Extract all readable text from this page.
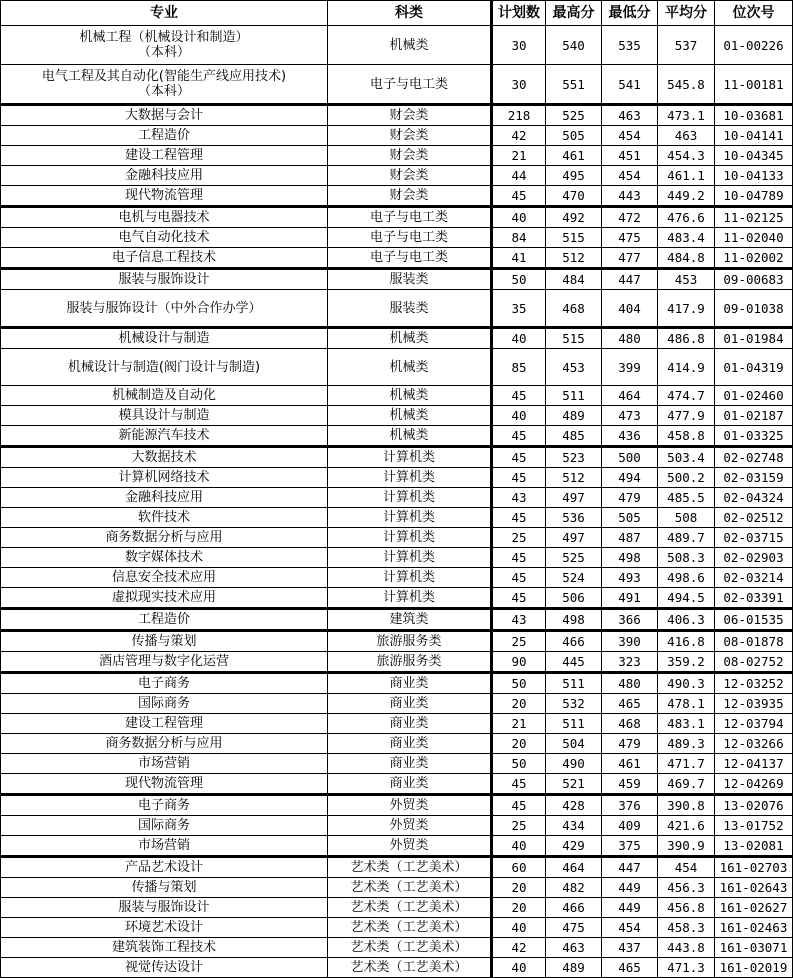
专业	科类	计划数	最高分	最低分	平均分	位次号
机械工程（机械设计和制造）
（本科）	机械类	30	540	535	537	01-00226
电气工程及其自动化(智能生产线应用技术)
（本科）	电子与电工类	30	551	541	545.8	11-00181
大数据与会计	财会类	218	525	463	473.1	10-03681
工程造价	财会类	42	505	454	463	10-04141
建设工程管理	财会类	21	461	451	454.3	10-04345
金融科技应用	财会类	44	495	454	461.1	10-04133
现代物流管理	财会类	45	470	443	449.2	10-04789
电机与电器技术	电子与电工类	40	492	472	476.6	11-02125
电气自动化技术	电子与电工类	84	515	475	483.4	11-02040
电子信息工程技术	电子与电工类	41	512	477	484.8	11-02002
服装与服饰设计	服装类	50	484	447	453	09-00683
服装与服饰设计（中外合作办学）	服装类	35	468	404	417.9	09-01038
机械设计与制造	机械类	40	515	480	486.8	01-01984
机械设计与制造(阀门设计与制造)	机械类	85	453	399	414.9	01-04319
机械制造及自动化	机械类	45	511	464	474.7	01-02460
模具设计与制造	机械类	40	489	473	477.9	01-02187
新能源汽车技术	机械类	45	485	436	458.8	01-03325
大数据技术	计算机类	45	523	500	503.4	02-02748
计算机网络技术	计算机类	45	512	494	500.2	02-03159
金融科技应用	计算机类	43	497	479	485.5	02-04324
软件技术	计算机类	45	536	505	508	02-02512
商务数据分析与应用	计算机类	25	497	487	489.7	02-03715
数字媒体技术	计算机类	45	525	498	508.3	02-02903
信息安全技术应用	计算机类	45	524	493	498.6	02-03214
虚拟现实技术应用	计算机类	45	506	491	494.5	02-03391
工程造价	建筑类	43	498	366	406.3	06-01535
传播与策划	旅游服务类	25	466	390	416.8	08-01878
酒店管理与数字化运营	旅游服务类	90	445	323	359.2	08-02752
电子商务	商业类	50	511	480	490.3	12-03252
国际商务	商业类	20	532	465	478.1	12-03935
建设工程管理	商业类	21	511	468	483.1	12-03794
商务数据分析与应用	商业类	20	504	479	489.3	12-03266
市场营销	商业类	50	490	461	471.7	12-04137
现代物流管理	商业类	45	521	459	469.7	12-04269
电子商务	外贸类	45	428	376	390.8	13-02076
国际商务	外贸类	25	434	409	421.6	13-01752
市场营销	外贸类	40	429	375	390.9	13-02081
产品艺术设计	艺术类（工艺美术）	60	464	447	454	161-02703
传播与策划	艺术类（工艺美术）	20	482	449	456.3	161-02643
服装与服饰设计	艺术类（工艺美术）	20	466	449	456.8	161-02627
环境艺术设计	艺术类（工艺美术）	40	475	454	458.3	161-02463
建筑装饰工程技术	艺术类（工艺美术）	42	463	437	443.8	161-03071
视觉传达设计	艺术类（工艺美术）	40	489	465	471.3	161-02019
